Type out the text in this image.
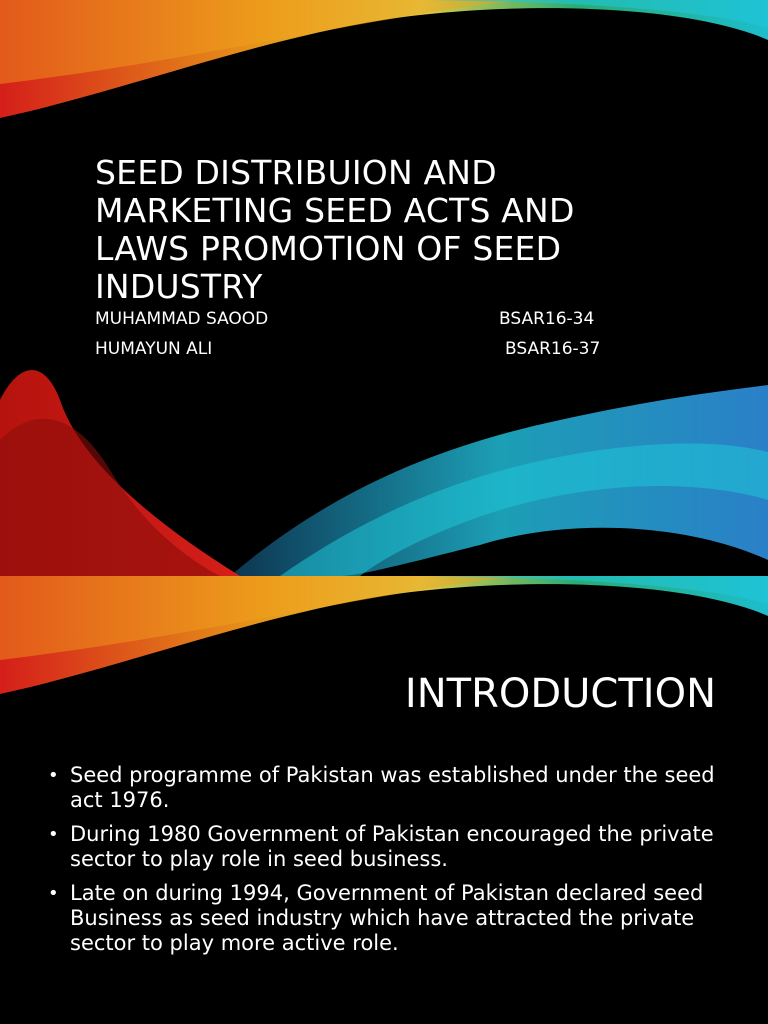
SEED DISTRIBUION AND MARKETING SEED ACTS AND LAWS PROMOTION OF SEED INDUSTRY
MUHAMMAD SAOOD	BSAR16-34
HUMAYUN ALI	BSAR16-37
INTRODUCTION
• Seed programme of Pakistan was established under the seed act 1976.
• During 1980 Government of Pakistan encouraged the private sector to play role in seed business.
• Late on during 1994, Government of Pakistan declared seed Business as seed industry which have attracted the private sector to play more active role.
